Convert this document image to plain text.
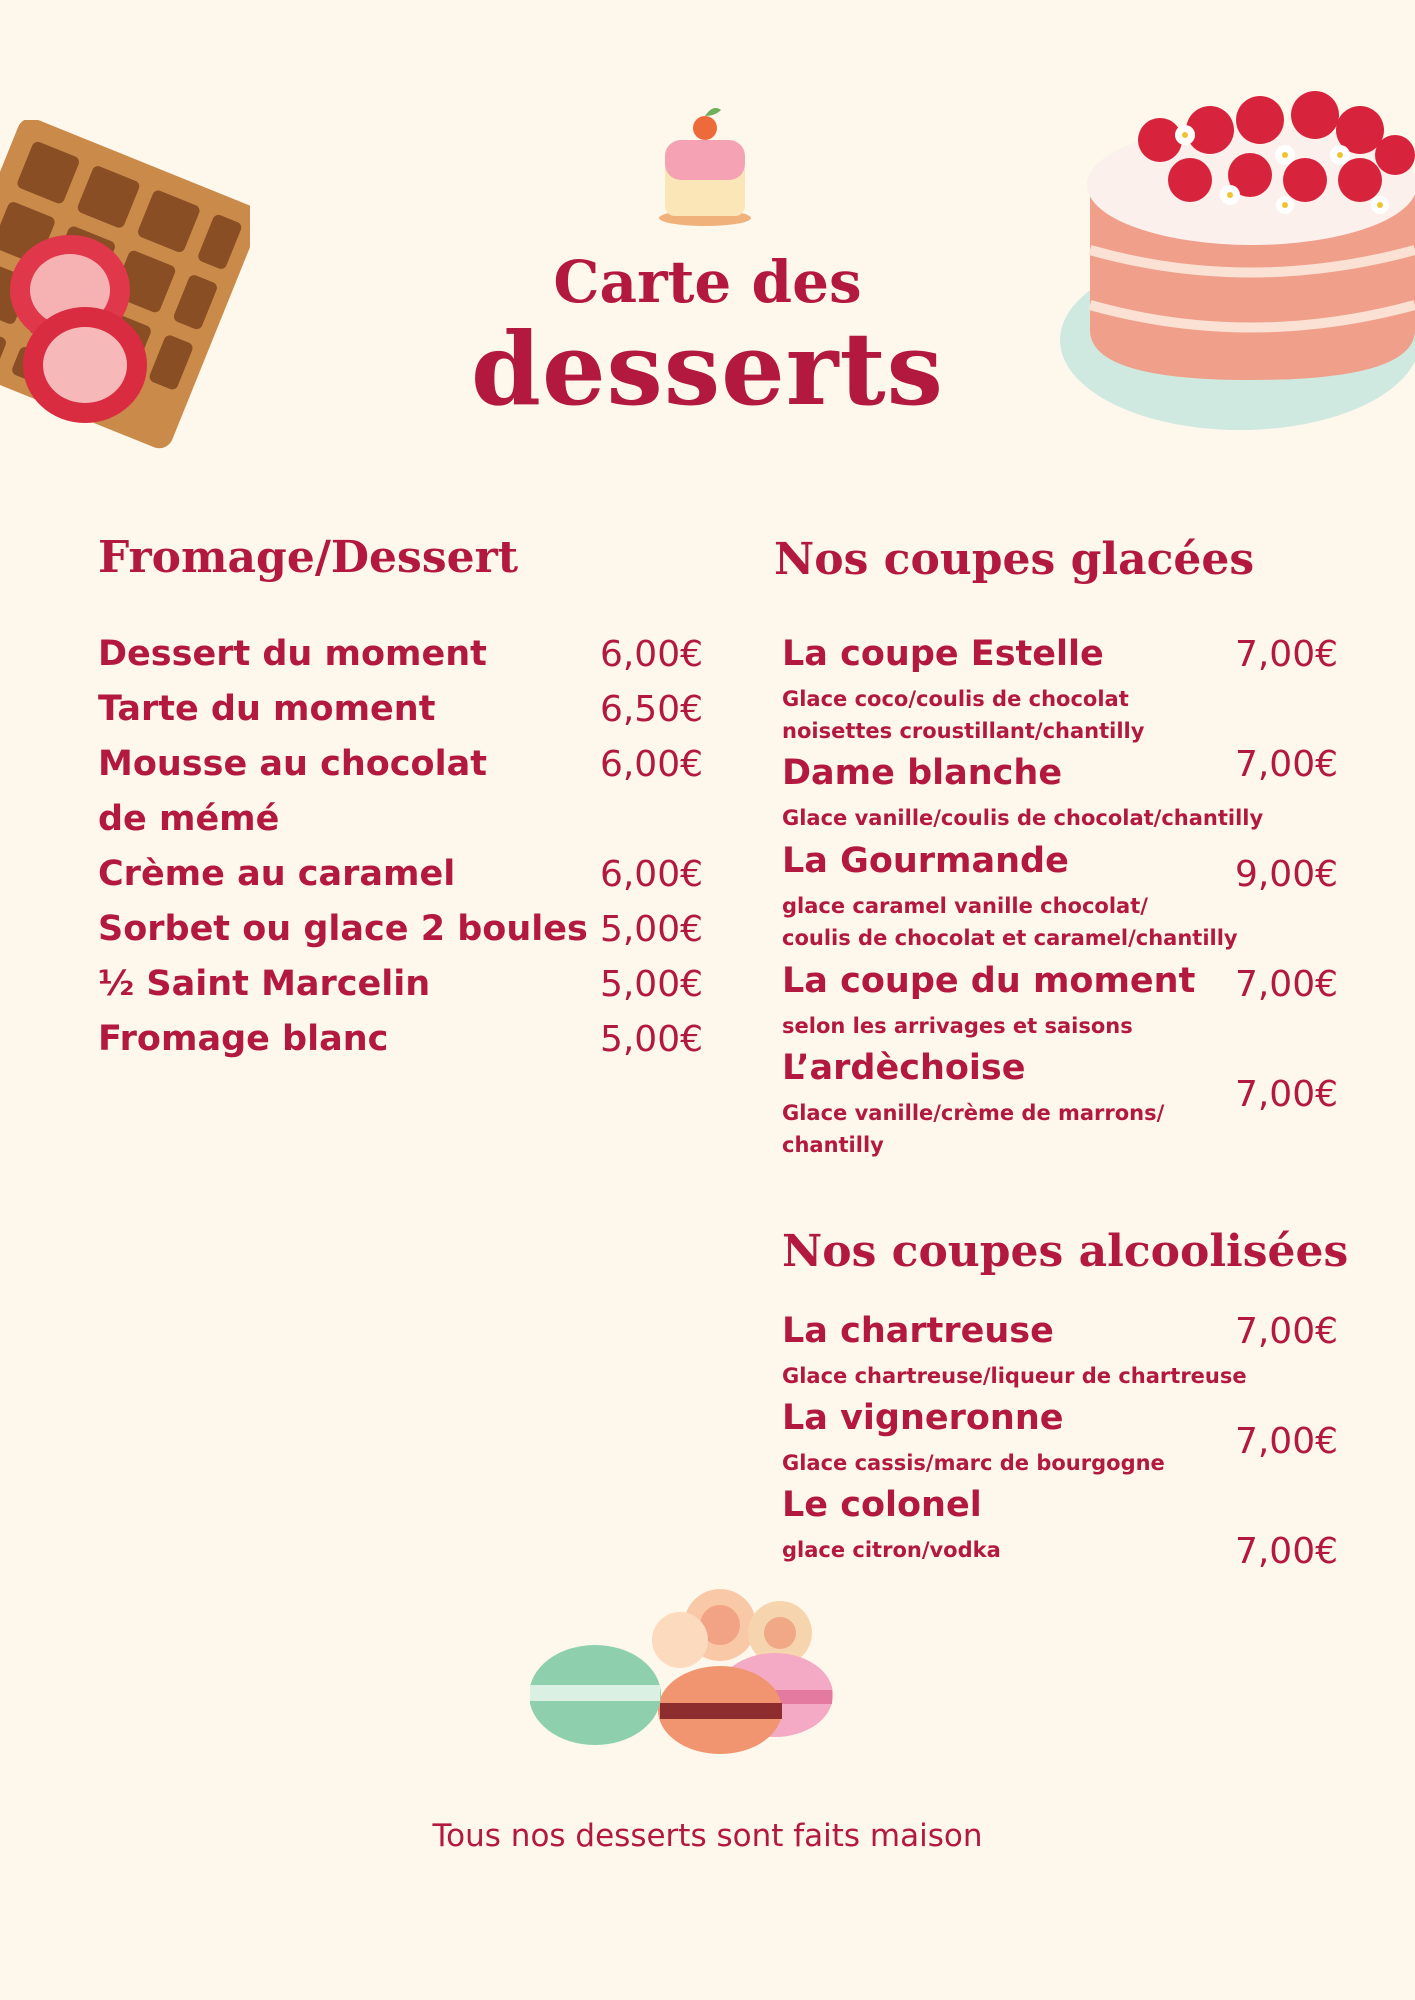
Carte des
desserts
Fromage/Dessert
Dessert du moment	6,00€
Tarte du moment	6,50€
Mousse au chocolat
de mémé
6,00€
Crème au caramel	6,00€
Sorbet ou glace 2 boules 5,00€
½ Saint Marcelin	5,00€
Fromage blanc	5,00€
Nos coupes glacées
La coupe Estelle
Glace coco/coulis de chocolat
noisettes croustillant/chantilly
7,00€
Dame blanche
Glace vanille/coulis de chocolat/chantilly
7,00€
La Gourmande
glace caramel vanille chocolat/
coulis de chocolat et caramel/chantilly
9,00€
La coupe du moment
selon les arrivages et saisons
7,00€
L’ardèchoise
Glace vanille/crème de marrons/
chantilly
7,00€
Nos coupes alcoolisées
La chartreuse
Glace chartreuse/liqueur de chartreuse
7,00€
La vigneronne
Glace cassis/marc de bourgogne
7,00€
Le colonel
glace citron/vodka	7,00€
Tous nos desserts sont faits maison
